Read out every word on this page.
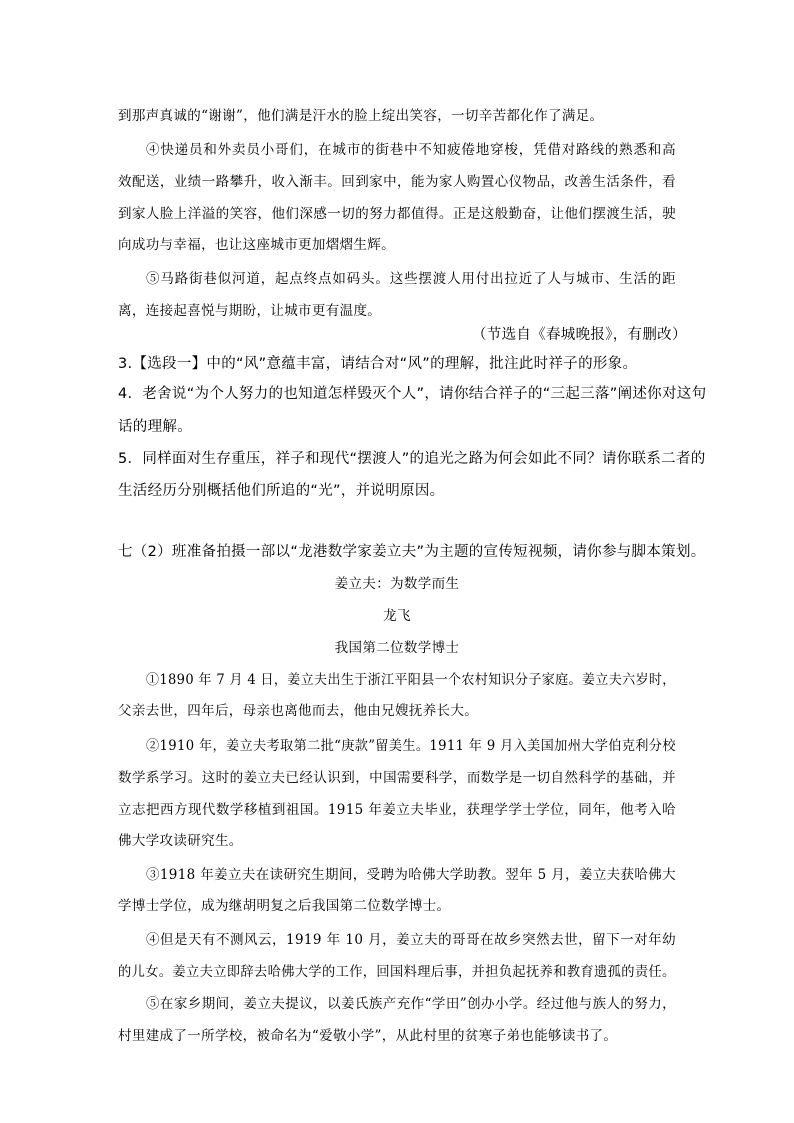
到那声真诚的“谢谢”，他们满是汗水的脸上绽出笑容，一切辛苦都化作了满足。
④快递员和外卖员小哥们，在城市的街巷中不知疲倦地穿梭，凭借对路线的熟悉和高
效配送，业绩一路攀升，收入渐丰。回到家中，能为家人购置心仪物品，改善生活条件，看
到家人脸上洋溢的笑容，他们深感一切的努力都值得。正是这般勤奋，让他们摆渡生活，驶
向成功与幸福，也让这座城市更加熠熠生辉。
⑤马路街巷似河道，起点终点如码头。这些摆渡人用付出拉近了人与城市、生活的距
离，连接起喜悦与期盼，让城市更有温度。
（节选自《春城晚报》，有删改）
3.【选段一】中的“风”意蕴丰富，请结合对“风”的理解，批注此时祥子的形象。
4．老舍说“为个人努力的也知道怎样毁灭个人”，请你结合祥子的“三起三落”阐述你对这句
话的理解。
5．同样面对生存重压，祥子和现代“摆渡人”的追光之路为何会如此不同？请你联系二者的
生活经历分别概括他们所追的“光”，并说明原因。
七（2）班准备拍摄一部以“龙港数学家姜立夫”为主题的宣传短视频，请你参与脚本策划。
姜立夫：为数学而生
龙飞
我国第二位数学博士
①1890 年 7 月 4 日，姜立夫出生于浙江平阳县一个农村知识分子家庭。姜立夫六岁时，
父亲去世，四年后，母亲也离他而去，他由兄嫂抚养长大。
②1910 年，姜立夫考取第二批“庚款”留美生。1911 年 9 月入美国加州大学伯克利分校
数学系学习。这时的姜立夫已经认识到，中国需要科学，而数学是一切自然科学的基础，并
立志把西方现代数学移植到祖国。1915 年姜立夫毕业，获理学学士学位，同年，他考入哈
佛大学攻读研究生。
③1918 年姜立夫在读研究生期间，受聘为哈佛大学助教。翌年 5 月，姜立夫获哈佛大
学博士学位，成为继胡明复之后我国第二位数学博士。
④但是天有不测风云，1919 年 10 月，姜立夫的哥哥在故乡突然去世，留下一对年幼
的儿女。姜立夫立即辞去哈佛大学的工作，回国料理后事，并担负起抚养和教育遗孤的责任。
⑤在家乡期间，姜立夫提议，以姜氏族产充作“学田”创办小学。经过他与族人的努力，
村里建成了一所学校，被命名为“爱敬小学”，从此村里的贫寒子弟也能够读书了。
